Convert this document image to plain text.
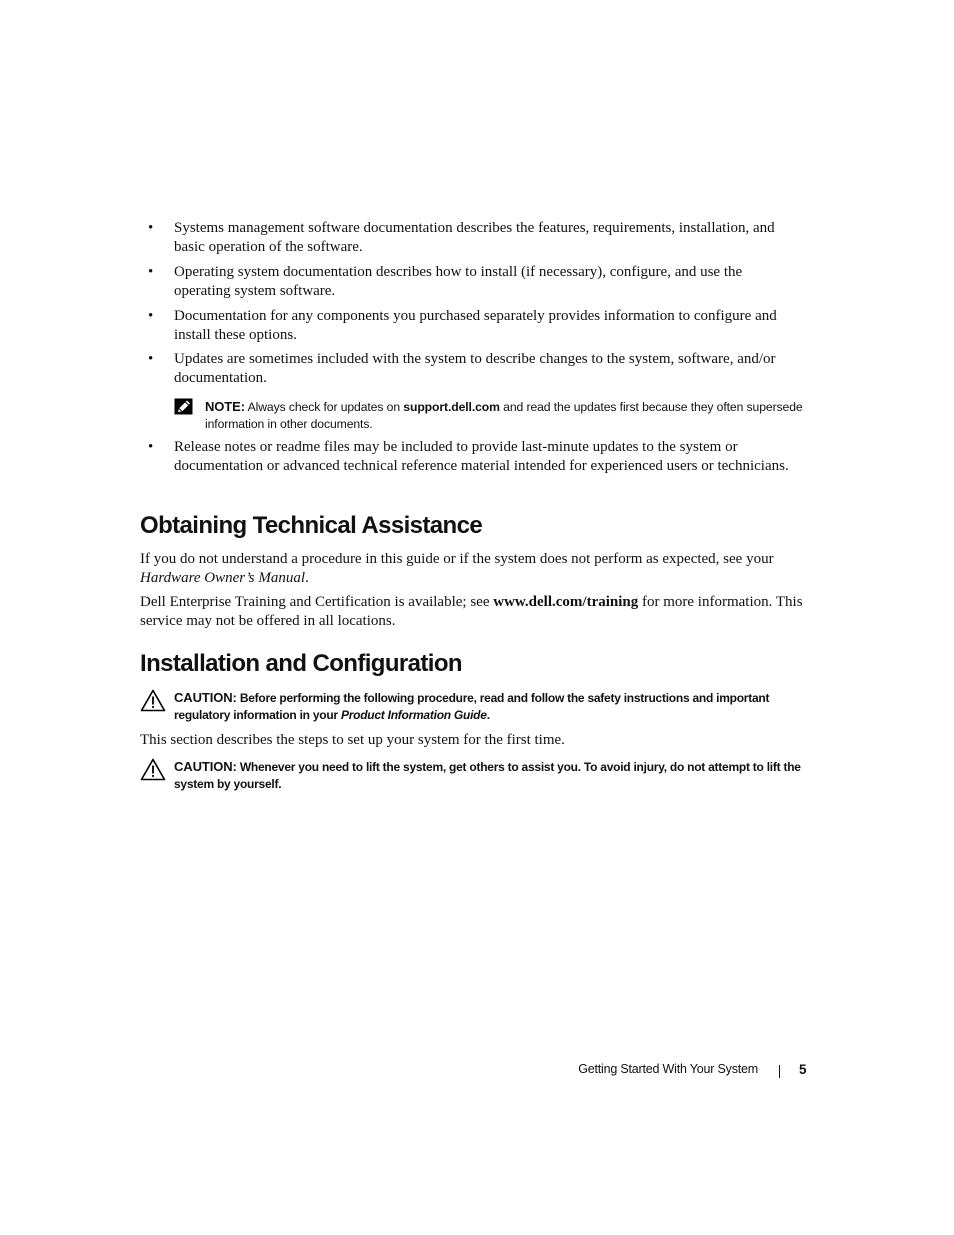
• Systems management software documentation describes the features, requirements, installation, and basic operation of the software.
• Operating system documentation describes how to install (if necessary), configure, and use the operating system software.
• Documentation for any components you purchased separately provides information to configure and install these options.
• Updates are sometimes included with the system to describe changes to the system, software, and/or documentation.
NOTE: Always check for updates on support.dell.com and read the updates first because they often supersede information in other documents.
• Release notes or readme files may be included to provide last-minute updates to the system or documentation or advanced technical reference material intended for experienced users or technicians.
Obtaining Technical Assistance
If you do not understand a procedure in this guide or if the system does not perform as expected, see your Hardware Owner’s Manual.
Dell Enterprise Training and Certification is available; see www.dell.com/training for more information. This service may not be offered in all locations.
Installation and Configuration
CAUTION: Before performing the following procedure, read and follow the safety instructions and important regulatory information in your Product Information Guide.
This section describes the steps to set up your system for the first time.
CAUTION: Whenever you need to lift the system, get others to assist you. To avoid injury, do not attempt to lift the system by yourself.
Getting Started With Your System	5
